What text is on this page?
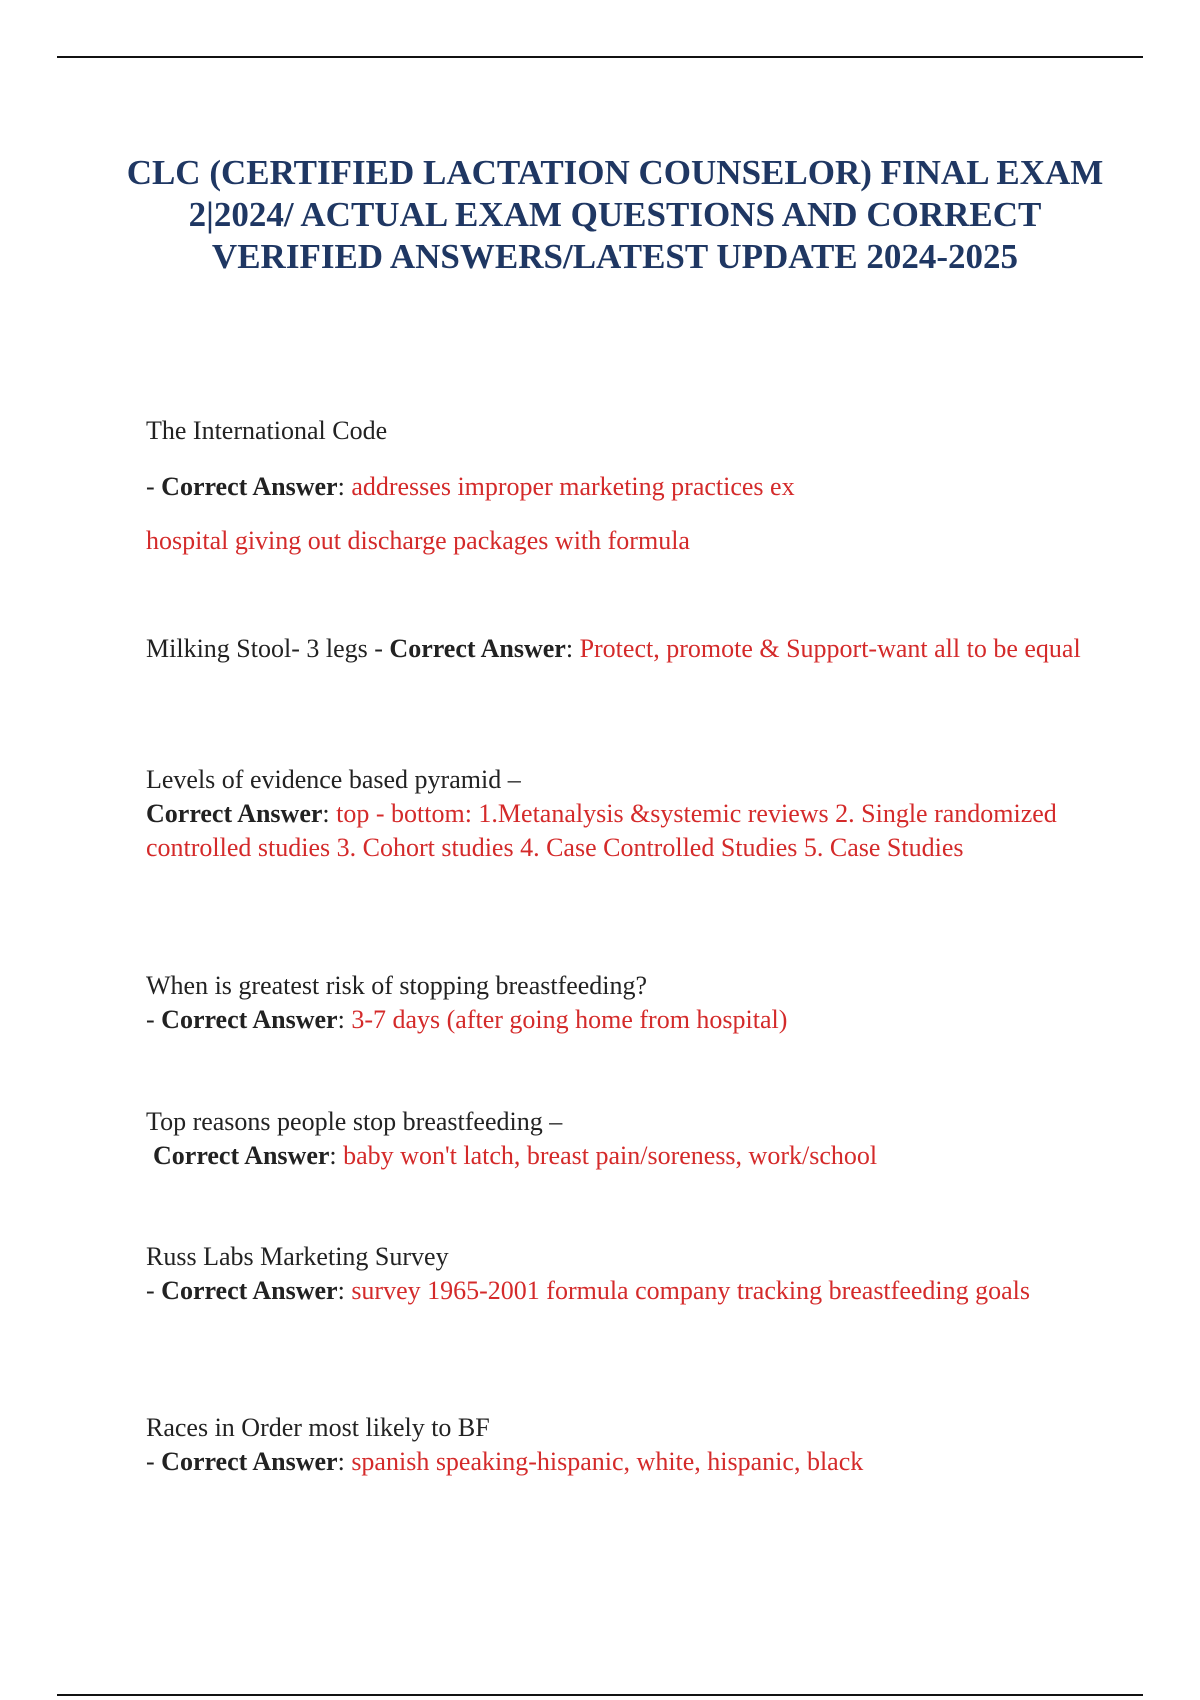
CLC (CERTIFIED LACTATION COUNSELOR) FINAL EXAM 2|2024/ ACTUAL EXAM QUESTIONS AND CORRECT VERIFIED ANSWERS/LATEST UPDATE 2024-2025

The International Code

- Correct Answer: addresses improper marketing practices ex

hospital giving out discharge packages with formula

Milking Stool- 3 legs - Correct Answer: Protect, promote & Support-want all to be equal

Levels of evidence based pyramid –

Correct Answer: top - bottom: 1.Metanalysis &systemic reviews 2. Single randomized controlled studies 3. Cohort studies 4. Case Controlled Studies 5. Case Studies

When is greatest risk of stopping breastfeeding?

- Correct Answer: 3-7 days (after going home from hospital)

Top reasons people stop breastfeeding –

Correct Answer: baby won't latch, breast pain/soreness, work/school

Russ Labs Marketing Survey

- Correct Answer: survey 1965-2001 formula company tracking breastfeeding goals

Races in Order most likely to BF

- Correct Answer: spanish speaking-hispanic, white, hispanic, black
